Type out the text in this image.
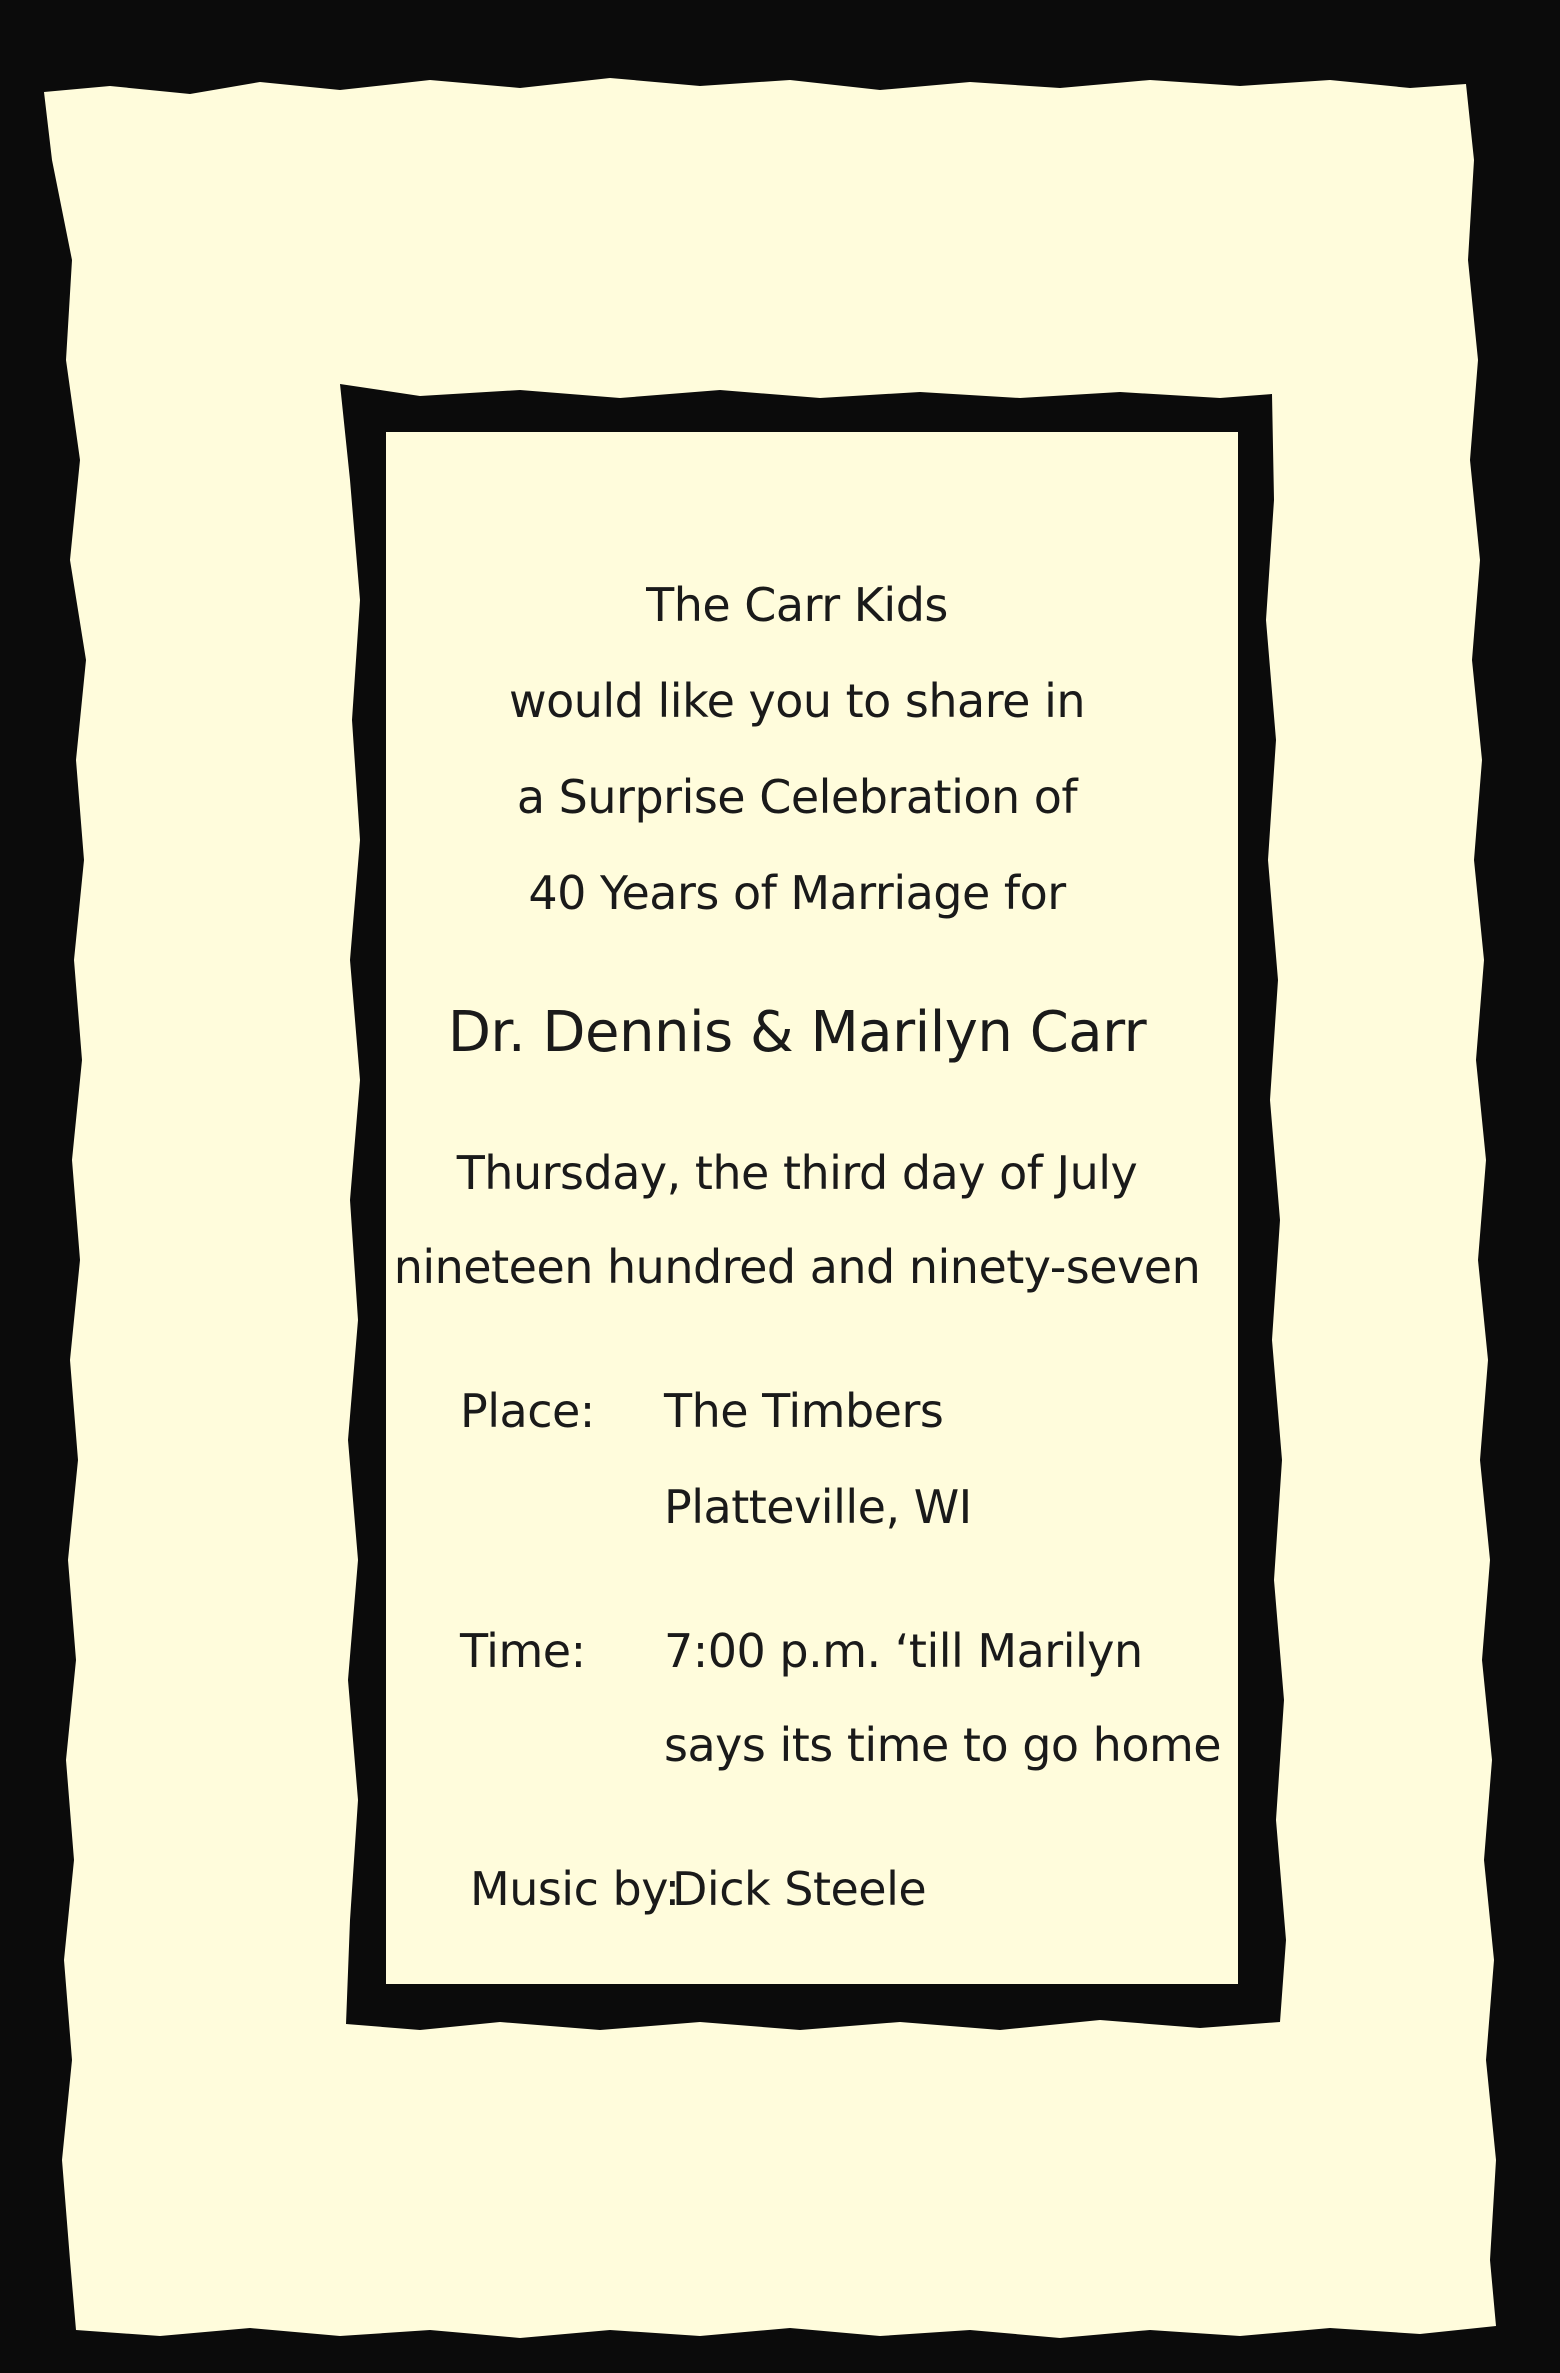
The Carr Kids
would like you to share in
a Surprise Celebration of
40 Years of Marriage for
Dr. Dennis & Marilyn Carr
Thursday, the third day of July
nineteen hundred and ninety-seven
Place: The Timbers
Platteville, WI
Time: 7:00 p.m. ‘till Marilyn
says its time to go home
Music by:
Dick Steele
